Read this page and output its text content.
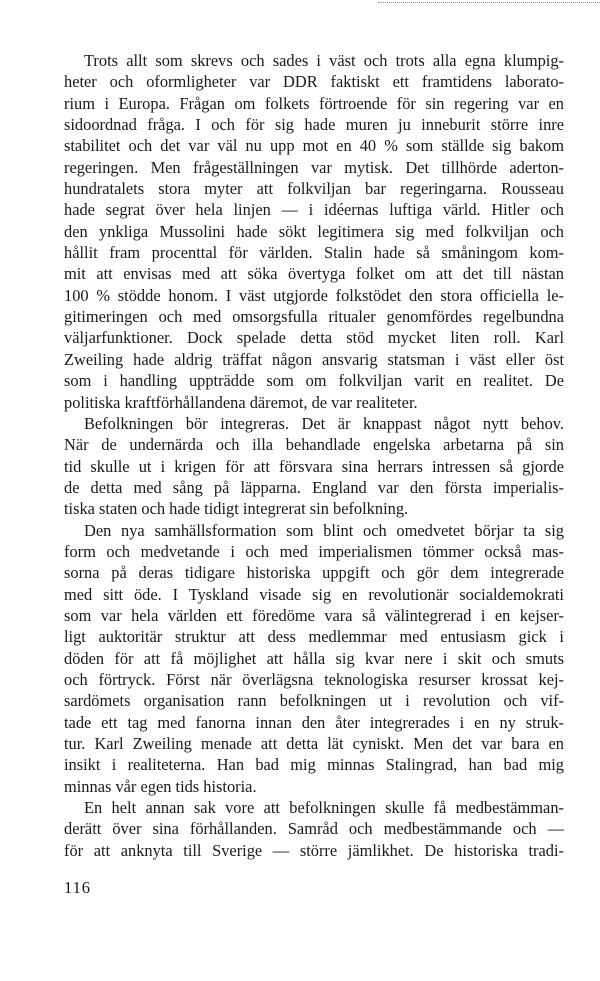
Trots allt som skrevs och sades i väst och trots alla egna klumpig-
heter och oformligheter var DDR faktiskt ett framtidens laborato-
rium i Europa. Frågan om folkets förtroende för sin regering var en
sidoordnad fråga. I och för sig hade muren ju inneburit större inre
stabilitet och det var väl nu upp mot en 40 % som ställde sig bakom
regeringen. Men frågeställningen var mytisk. Det tillhörde aderton-
hundratalets stora myter att folkviljan bar regeringarna. Rousseau
hade segrat över hela linjen — i idéernas luftiga värld. Hitler och
den ynkliga Mussolini hade sökt legitimera sig med folkviljan och
hållit fram procenttal för världen. Stalin hade så småningom kom-
mit att envisas med att söka övertyga folket om att det till nästan
100 % stödde honom. I väst utgjorde folkstödet den stora officiella le-
gitimeringen och med omsorgsfulla ritualer genomfördes regelbundna
väljarfunktioner. Dock spelade detta stöd mycket liten roll. Karl
Zweiling hade aldrig träffat någon ansvarig statsman i väst eller öst
som i handling uppträdde som om folkviljan varit en realitet. De
politiska kraftförhållandena däremot, de var realiteter.
Befolkningen bör integreras. Det är knappast något nytt behov.
När de undernärda och illa behandlade engelska arbetarna på sin
tid skulle ut i krigen för att försvara sina herrars intressen så gjorde
de detta med sång på läpparna. England var den första imperialis-
tiska staten och hade tidigt integrerat sin befolkning.
Den nya samhällsformation som blint och omedvetet börjar ta sig
form och medvetande i och med imperialismen tömmer också mas-
sorna på deras tidigare historiska uppgift och gör dem integrerade
med sitt öde. I Tyskland visade sig en revolutionär socialdemokrati
som var hela världen ett föredöme vara så välintegrerad i en kejser-
ligt auktoritär struktur att dess medlemmar med entusiasm gick i
döden för att få möjlighet att hålla sig kvar nere i skit och smuts
och förtryck. Först när överlägsna teknologiska resurser krossat kej-
sardömets organisation rann befolkningen ut i revolution och vif-
tade ett tag med fanorna innan den åter integrerades i en ny struk-
tur. Karl Zweiling menade att detta lät cyniskt. Men det var bara en
insikt i realiteterna. Han bad mig minnas Stalingrad, han bad mig
minnas vår egen tids historia.
En helt annan sak vore att befolkningen skulle få medbestämman-
derätt över sina förhållanden. Samråd och medbestämmande och —
för att anknyta till Sverige — större jämlikhet. De historiska tradi-
116
